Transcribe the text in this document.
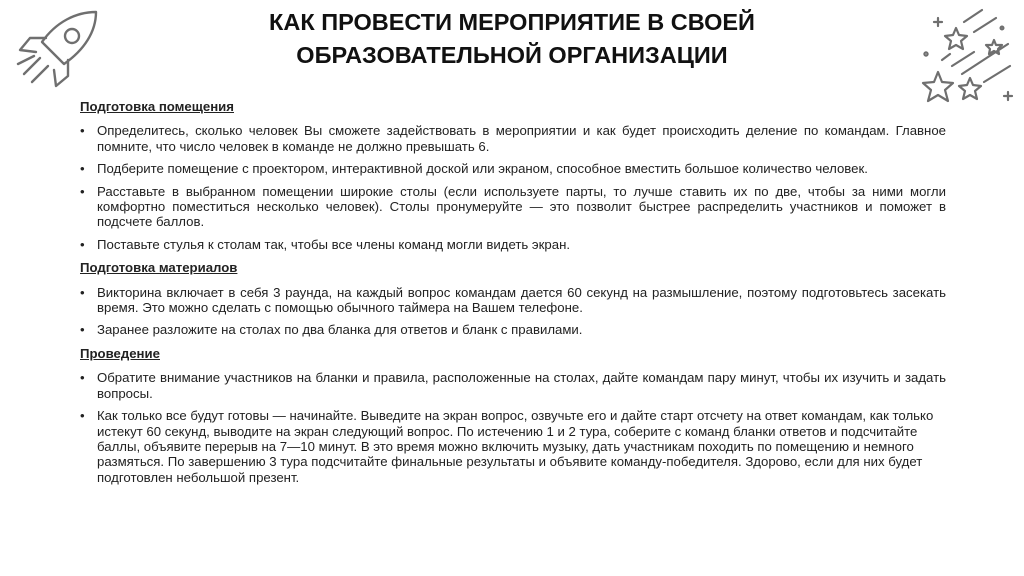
КАК ПРОВЕСТИ МЕРОПРИЯТИЕ В СВОЕЙ
ОБРАЗОВАТЕЛЬНОЙ ОРГАНИЗАЦИИ
Подготовка помещения
• Определитесь, сколько человек Вы сможете задействовать в мероприятии и как будет происходить деление по командам. Главное помните, что число человек в команде не должно превышать 6.
• Подберите помещение с проектором, интерактивной доской или экраном, способное вместить большое количество человек.
• Расставьте в выбранном помещении широкие столы (если используете парты, то лучше ставить их по две, чтобы за ними могли комфортно поместиться несколько человек). Столы пронумеруйте — это позволит быстрее распределить участников и поможет в подсчете баллов.
• Поставьте стулья к столам так, чтобы все члены команд могли видеть экран.
Подготовка материалов
• Викторина включает в себя 3 раунда, на каждый вопрос командам дается 60 секунд на размышление, поэтому подготовьтесь засекать время. Это можно сделать с помощью обычного таймера на Вашем телефоне.
• Заранее разложите на столах по два бланка для ответов и бланк с правилами.
Проведение
• Обратите внимание участников на бланки и правила, расположенные на столах, дайте командам пару минут, чтобы их изучить и задать вопросы.
• Как только все будут готовы — начинайте. Выведите на экран вопрос, озвучьте его и дайте старт отсчету на ответ командам, как только истекут 60 секунд, выводите на экран следующий вопрос. По истечению 1 и 2 тура, соберите с команд бланки ответов и подсчитайте баллы, объявите перерыв на 7—10 минут. В это время можно включить музыку, дать участникам походить по помещению и немного размяться. По завершению 3 тура подсчитайте финальные результаты и объявите команду-победителя. Здорово, если для них будет подготовлен небольшой презент.
